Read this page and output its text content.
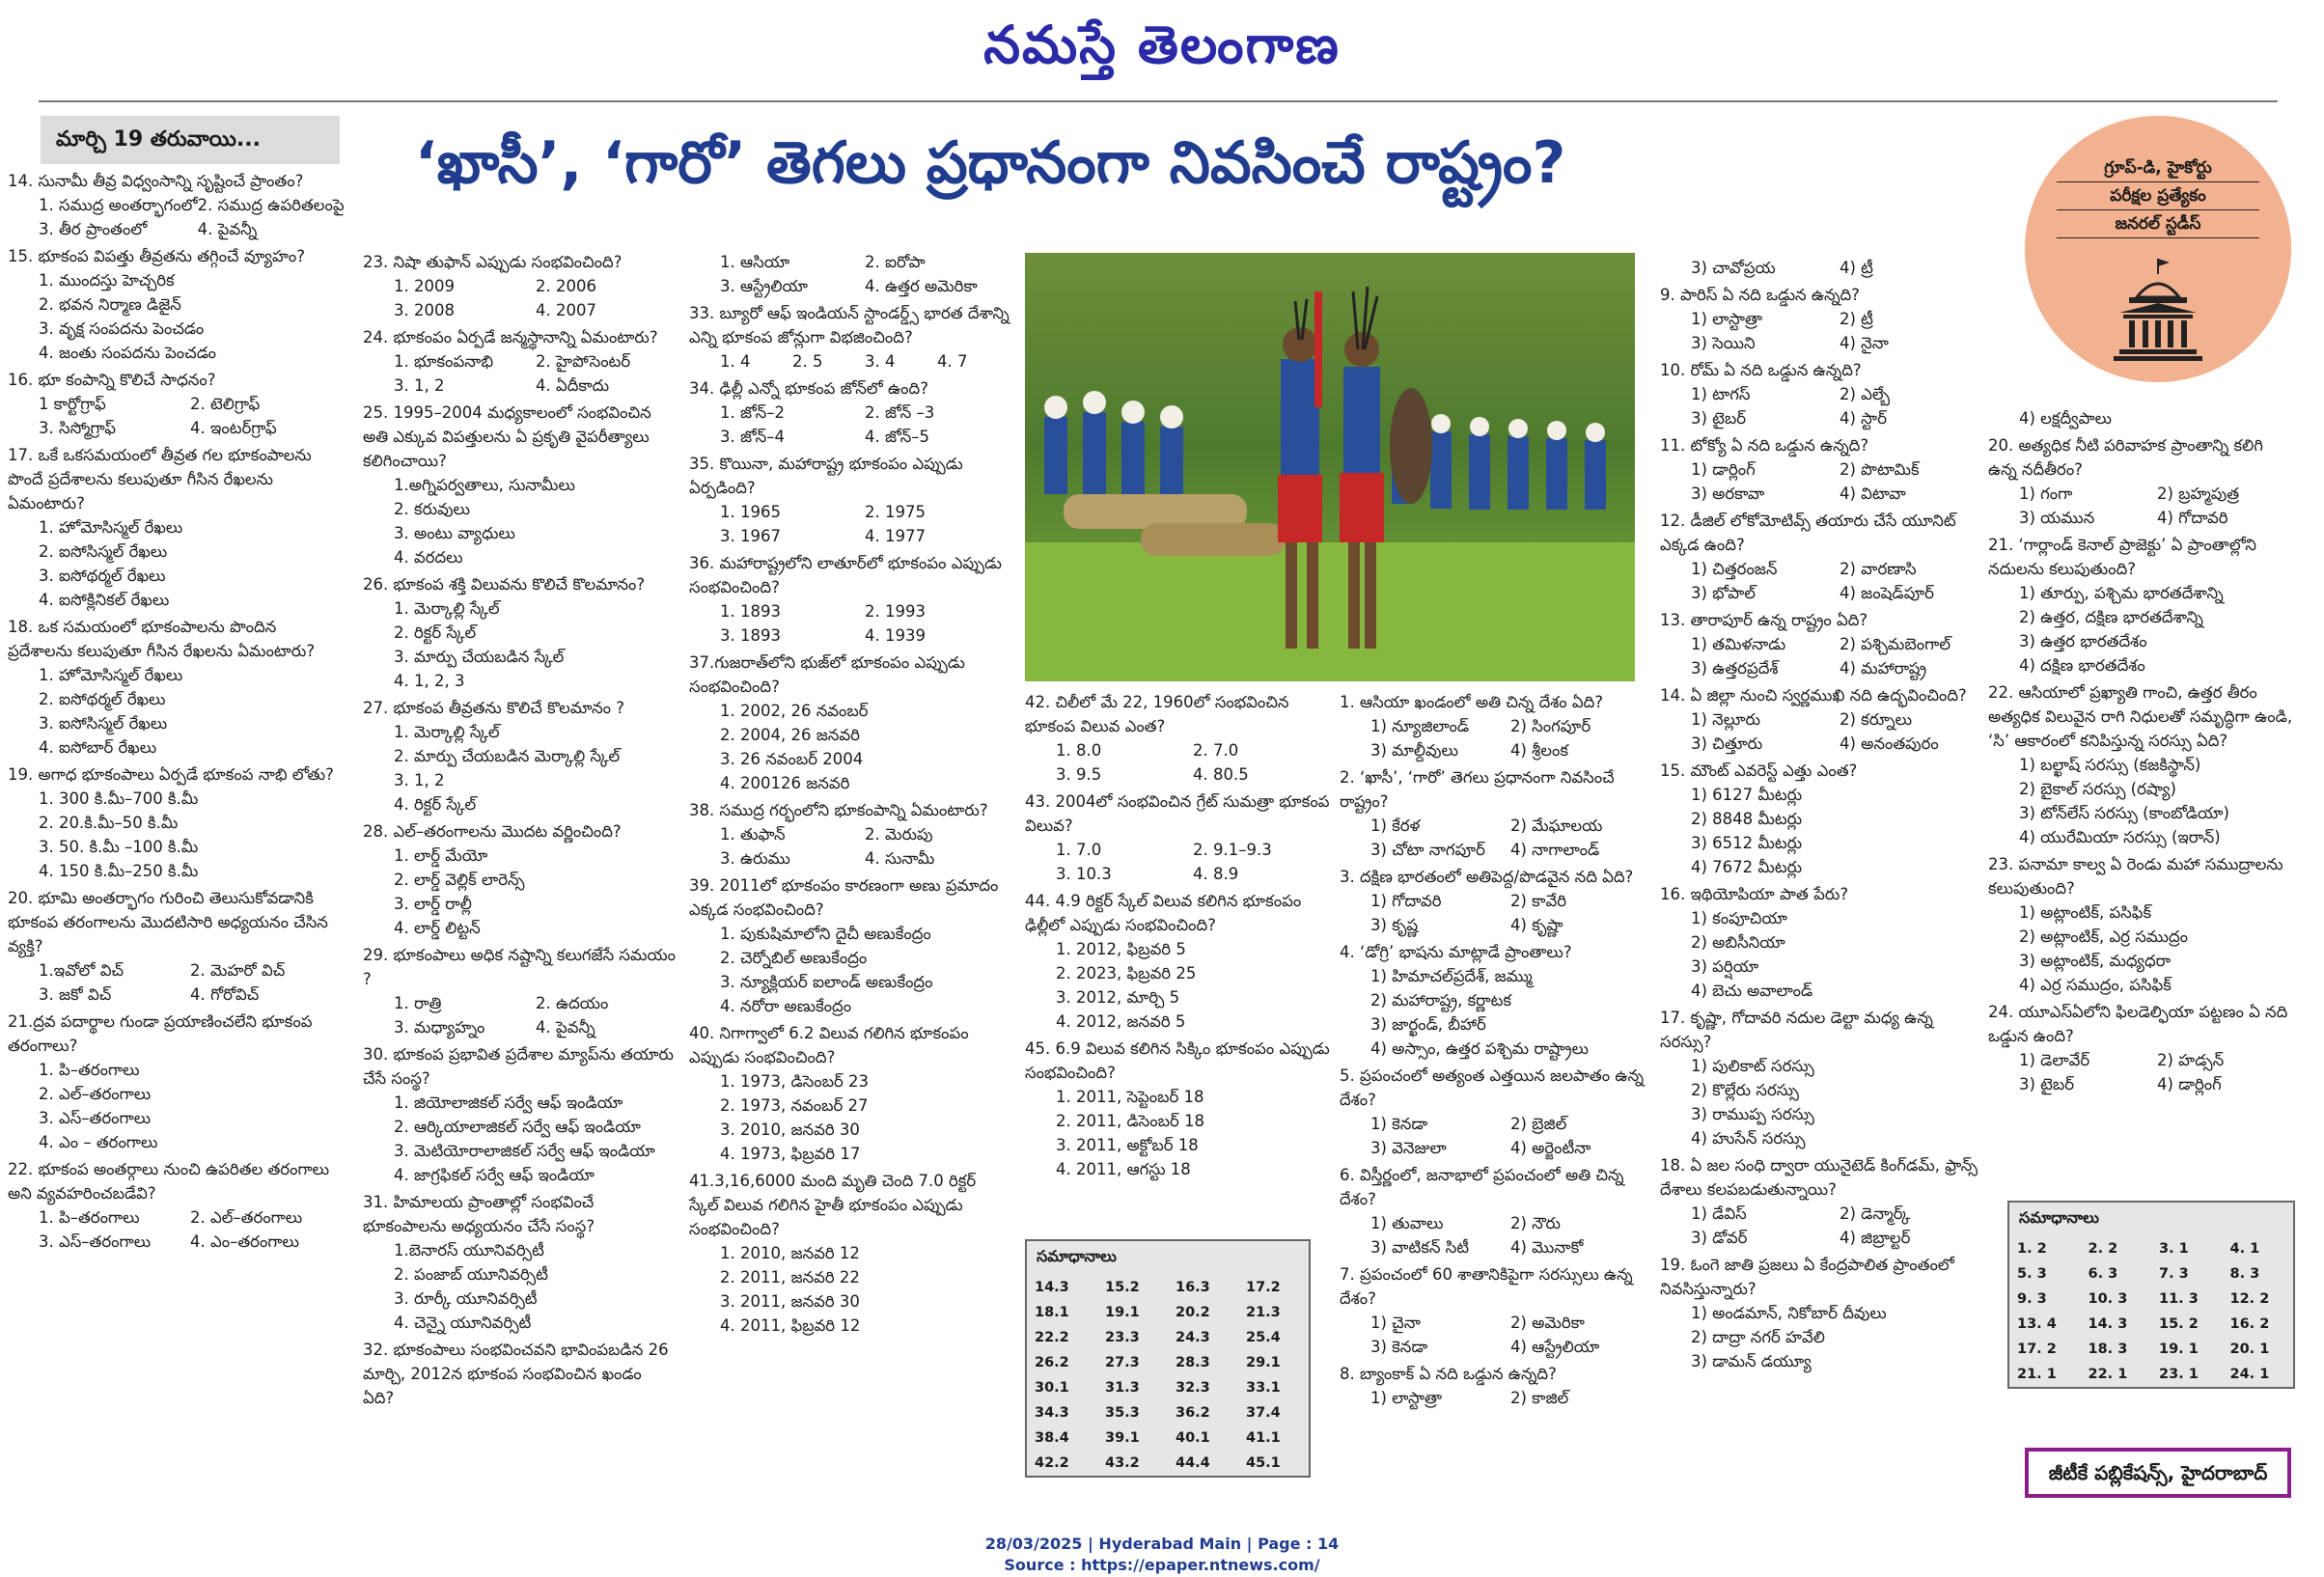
నమస్తే తెలంగాణ
మార్చి 19 తరువాయి...	‘ఖాసీ’, ‘గారో’ తెగలు ప్రధానంగా నివసించే రాష్ట్రం?	గ్రూప్-డి, హైకోర్టు
పరీక్షల ప్రత్యేకం
జనరల్ స్టడీస్
14. సునామీ తీవ్ర విధ్వంసాన్ని సృష్టించే ప్రాంతం?
1. సముద్ర అంతర్భాగంలో 2. సముద్ర ఉపరితలంపై
3. తీర ప్రాంతంలో	4. పైవన్నీ
15. భూకంప విపత్తు తీవ్రతను తగ్గించే వ్యూహం?
1. ముందస్తు హెచ్చరిక
2. భవన నిర్మాణ డిజైన్
3. వృక్ష సంపదను పెంచడం
4. జంతు సంపదను పెంచడం
16. భూ కంపాన్ని కొలిచే సాధనం?
1 కార్టోగ్రాఫ్	2. టెలిగ్రాఫ్
3. సిస్మోగ్రాఫ్	4. ఇంటర్‌గ్రాఫ్
17. ఒకే ఒకసమయంలో తీవ్రత గల భూకంపాలను పొందే ప్రదేశాలను కలుపుతూ గీసిన రేఖలను ఏమంటారు?
1. హోమోసిస్మల్ రేఖలు
2. ఐసోసిస్మల్ రేఖలు
3. ఐసోథర్మల్ రేఖలు
4. ఐసోక్లినికల్ రేఖలు
18. ఒక సమయంలో భూకంపాలను పొందిన ప్రదేశాలను కలుపుతూ గీసిన రేఖలను ఏమంటారు?
1. హోమోసిస్మల్ రేఖలు
2. ఐసోథర్మల్ రేఖలు
3. ఐసోసిస్మల్ రేఖలు
4. ఐసోబార్ రేఖలు
19. అగాధ భూకంపాలు ఏర్పడే భూకంప నాభి లోతు?
1. 300 కి.మీ–700 కి.మీ
2. 20.కి.మీ–50 కి.మీ
3. 50. కి.మీ –100 కి.మీ
4. 150 కి.మీ–250 కి.మీ
20. భూమి అంతర్భాగం గురించి తెలుసుకోవడానికి భూకంప తరంగాలను మొదటిసారి అధ్యయనం చేసిన వ్యక్తి?
1.ఇవోలో విచ్	2. మెహరో విచ్
3. జకో విచ్	4. గోరోవిచ్
21.ద్రవ పదార్థాల గుండా ప్రయాణించలేని భూకంప తరంగాలు?
1. పి–తరంగాలు
2. ఎల్–తరంగాలు
3. ఎస్–తరంగాలు
4. ఎం – తరంగాలు
22. భూకంప అంతర్గాలు నుంచి ఉపరితల తరంగాలు అని వ్యవహరించబడేవి?
1. పి–తరంగాలు	2. ఎల్–తరంగాలు
3. ఎస్–తరంగాలు	4. ఎం–తరంగాలు
23. నిషా తుఫాన్ ఎప్పుడు సంభవించింది?
1. 2009	2. 2006
3. 2008	4. 2007
24. భూకంపం ఏర్పడే జన్మస్థానాన్ని ఏమంటారు?
1. భూకంపనాభి	2. హైపోసెంటర్
3. 1, 2	4. ఏదీకాదు
25. 1995–2004 మధ్యకాలంలో సంభవించిన అతి ఎక్కువ విపత్తులను ఏ ప్రకృతి వైపరీత్యాలు కలిగించాయి?
1.అగ్నిపర్వతాలు, సునామీలు
2. కరువులు
3. అంటు వ్యాధులు
4. వరదలు
26. భూకంప శక్తి విలువను కొలిచే కొలమానం?
1. మెర్కాల్లి స్కేల్
2. రిక్టర్ స్కేల్
3. మార్పు చేయబడిన స్కేల్
4. 1, 2, 3
27. భూకంప తీవ్రతను కొలిచే కొలమానం ?
1. మెర్కాల్లి స్కేల్
2. మార్పు చేయబడిన మెర్కాల్లి స్కేల్
3. 1, 2
4. రిక్టర్ స్కేల్
28. ఎల్–తరంగాలను మొదట వర్ణించింది?
1. లార్డ్ మేయో
2. లార్డ్ వెల్లిక్ లారెన్స్
3. లార్డ్ రాల్లీ
4. లార్డ్ లిట్టన్
29. భూకంపాలు అధిక నష్టాన్ని కలుగజేసే సమయం ?
1. రాత్రి	2. ఉదయం
3. మధ్యాహ్నం	4. పైవన్నీ
30. భూకంప ప్రభావిత ప్రదేశాల మ్యాప్‌ను తయారు చేసే సంస్థ?
1. జియోలాజికల్ సర్వే ఆఫ్ ఇండియా
2. ఆర్కియాలాజికల్ సర్వే ఆఫ్ ఇండియా
3. మెటియోరాలాజికల్ సర్వే ఆఫ్ ఇండియా
4. జాగ్రఫికల్ సర్వే ఆఫ్ ఇండియా
31. హిమాలయ ప్రాంతాల్లో సంభవించే భూకంపాలను అధ్యయనం చేసే సంస్థ?
1.బెనారస్ యూనివర్సిటీ
2. పంజాబ్ యూనివర్సిటీ
3. రూర్కీ యూనివర్సిటీ
4. చెన్నై యూనివర్సిటీ
32. భూకంపాలు సంభవించవని భావింపబడిన 26 మార్చి, 2012న భూకంప సంభవించిన ఖండం ఏది?
1. ఆసియా	2. ఐరోపా
3. ఆస్ట్రేలియా	4. ఉత్తర అమెరికా
33. బ్యూరో ఆఫ్ ఇండియన్ స్టాండర్డ్స్ భారత దేశాన్ని ఎన్ని భూకంప జోన్లుగా విభజించింది?
1. 4	2. 5	3. 4	4. 7
34. ఢిల్లీ ఎన్నో భూకంప జోన్‌లో ఉంది?
1. జోన్–2	2. జోన్ –3
3. జోన్–4	4. జోన్–5
35. కొయినా, మహారాష్ట్ర భూకంపం ఎప్పుడు ఏర్పడింది?
1. 1965	2. 1975
3. 1967	4. 1977
36. మహారాష్ట్రలోని లాతూర్‌లో భూకంపం ఎప్పుడు సంభవించింది?
1. 1893	2. 1993
3. 1893	4. 1939
37.గుజరాత్‌లోని భుజ్‌లో భూకంపం ఎప్పుడు సంభవించింది?
1. 2002, 26 నవంబర్
2. 2004, 26 జనవరి
3. 26 నవంబర్ 2004
4. 200126 జనవరి
38. సముద్ర గర్భంలోని భూకంపాన్ని ఏమంటారు?
1. తుఫాన్	2. మెరుపు
3. ఉరుము	4. సునామీ
39. 2011లో భూకంపం కారణంగా అణు ప్రమాదం ఎక్కడ సంభవించింది?
1. పుకుషిమాలోని దైచీ అణుకేంద్రం
2. చెర్నోబిల్ అణుకేంద్రం
3. న్యూక్లియర్ ఐలాండ్ అణుకేంద్రం
4. నరోరా అణుకేంద్రం
40. నిగాగ్వాలో 6.2 విలువ గలిగిన భూకంపం ఎప్పుడు సంభవించింది?
1. 1973, డిసెంబర్ 23
2. 1973, నవంబర్ 27
3. 2010, జనవరి 30
4. 1973, ఫిబ్రవరి 17
41.3,16,6000 మంది మృతి చెంది 7.0 రిక్టర్ స్కేల్ విలువ గలిగిన హైతీ భూకంపం ఎప్పుడు సంభవించింది?
1. 2010, జనవరి 12
2. 2011, జనవరి 22
3. 2011, జనవరి 30
4. 2011, ఫిబ్రవరి 12
42. చిలీలో మే 22, 1960లో సంభవించిన భూకంప విలువ ఎంత?
1. 8.0	2. 7.0
3. 9.5	4. 80.5
43. 2004లో సంభవించిన గ్రేట్ సుమత్రా భూకంప విలువ?
1. 7.0	2. 9.1–9.3
3. 10.3	4. 8.9
44. 4.9 రిక్టర్ స్కేల్ విలువ కలిగిన భూకంపం ఢిల్లీలో ఎప్పుడు సంభవించింది?
1. 2012, ఫిబ్రవరి 5
2. 2023, ఫిబ్రవరి 25
3. 2012, మార్చి 5
4. 2012, జనవరి 5
45. 6.9 విలువ కలిగిన సిక్కిం భూకంపం ఎప్పుడు సంభవించింది?
1. 2011, సెప్టెంబర్ 18
2. 2011, డిసెంబర్ 18
3. 2011, అక్టోబర్ 18
4. 2011, ఆగస్టు 18
1. ఆసియా ఖండంలో అతి చిన్న దేశం ఏది?
1) న్యూజిలాండ్	2) సింగపూర్
3) మాల్దీవులు	4) శ్రీలంక
2. ‘ఖాసీ’, ‘గారో’ తెగలు ప్రధానంగా నివసించే రాష్ట్రం?
1) కేరళ	2) మేఘాలయ
3) చోటా నాగపూర్	4) నాగాలాండ్
3. దక్షిణ భారతంలో అతిపెద్ద/పొడవైన నది ఏది?
1) గోదావరి	2) కావేరి
3) కృష్ణ	4) కృష్ణా
4. ‘డోగ్రి’ భాషను మాట్లాడే ప్రాంతాలు?
1) హిమాచల్‌ప్రదేశ్, జమ్ము
2) మహారాష్ట్ర, కర్ణాటక
3) జార్ఖండ్, బీహార్
4) అస్సాం, ఉత్తర పశ్చిమ రాష్ట్రాలు
5. ప్రపంచంలో అత్యంత ఎత్తయిన జలపాతం ఉన్న దేశం?
1) కెనడా	2) బ్రెజిల్
3) వెనెజులా	4) అర్జెంటీనా
6. విస్తీర్ణంలో, జనాభాలో ప్రపంచంలో అతి చిన్న దేశం?
1) తువాలు	2) నౌరు
3) వాటికన్ సిటీ	4) మొనాకో
7. ప్రపంచంలో 60 శాతానికిపైగా సరస్సులు ఉన్న దేశం?
1) చైనా	2) అమెరికా
3) కెనడా	4) ఆస్ట్రేలియా
8. బ్యాంకాక్ ఏ నది ఒడ్డున ఉన్నది?
1) లాస్టాత్రా	2) కాజిల్
3) చావోప్రయ	4) ట్రీ
9. పారిస్ ఏ నది ఒడ్డున ఉన్నది?
1) లాస్టాత్రా	2) ట్రీ
3) సెయిని	4) నైనా
10. రోమ్ ఏ నది ఒడ్డున ఉన్నది?
1) టాగస్	2) ఎల్బే
3) టైబర్	4) స్టార్
11. టోక్యో ఏ నది ఒడ్డున ఉన్నది?
1) డార్లింగ్	2) పొటామిక్
3) అరకావా	4) విటావా
12. డీజిల్ లోకోమోటివ్స్ తయారు చేసే యూనిట్ ఎక్కడ ఉంది?
1) చిత్తరంజన్	2) వారణాసి
3) భోపాల్	4) జంషెడ్‌పూర్
13. తారాపూర్ ఉన్న రాష్ట్రం ఏది?
1) తమిళనాడు	2) పశ్చిమబెంగాల్
3) ఉత్తరప్రదేశ్	4) మహారాష్ట్ర
14. ఏ జిల్లా నుంచి స్వర్ణముఖి నది ఉద్భవించింది?
1) నెల్లూరు	2) కర్నూలు
3) చిత్తూరు	4) అనంతపురం
15. మౌంట్ ఎవరెస్ట్ ఎత్తు ఎంత?
1) 6127 మీటర్లు
2) 8848 మీటర్లు
3) 6512 మీటర్లు
4) 7672 మీటర్లు
16. ఇథియోపియా పాత పేరు?
1) కంపూచియా
2) అబిసీనియా
3) పర్షియా
4) బెచు అవాలాండ్
17. కృష్ణా, గోదావరి నదుల డెల్టా మధ్య ఉన్న సరస్సు?
1) పులికాట్ సరస్సు
2) కొల్లేరు సరస్సు
3) రాముప్ప సరస్సు
4) హుసేన్ సరస్సు
18. ఏ జల సంధి ద్వారా యునైటెడ్ కింగ్‌డమ్, ఫ్రాన్స్ దేశాలు కలపబడుతున్నాయి?
1) డేవిస్	2) డెన్మార్క్
3) డోవర్	4) జిబ్రాల్టర్
19. ఓంగె జాతి ప్రజలు ఏ కేంద్రపాలిత ప్రాంతంలో నివసిస్తున్నారు?
1) అండమాన్, నికోబార్ దీవులు
2) దాద్రా నగర్ హవేలి
3) డామన్ డయ్యూ
4) లక్షద్వీపాలు
20. అత్యధిక నీటి పరివాహక ప్రాంతాన్ని కలిగి ఉన్న నదీతీరం?
1) గంగా	2) బ్రహ్మపుత్ర
3) యమున	4) గోదావరి
21. ‘గార్లాండ్ కెనాల్ ప్రాజెక్టు’ ఏ ప్రాంతాల్లోని నదులను కలుపుతుంది?
1) తూర్పు, పశ్చిమ భారతదేశాన్ని
2) ఉత్తర, దక్షిణ భారతదేశాన్ని
3) ఉత్తర భారతదేశం
4) దక్షిణ భారతదేశం
22. ఆసియాలో ప్రఖ్యాతి గాంచి, ఉత్తర తీరం అత్యధిక విలువైన రాగి నిధులతో సమృద్ధిగా ఉండి, ‘సి’ ఆకారంలో కనిపిస్తున్న సరస్సు ఏది?
1) బల్ఖాష్ సరస్సు (కజకిస్థాన్)
2) బైకాల్ సరస్సు (రష్యా)
3) టోన్‌లేస్ సరస్సు (కాంబోడియా)
4) యురేమియా సరస్సు (ఇరాన్)
23. పనామా కాల్వ ఏ రెండు మహా సముద్రాలను కలుపుతుంది?
1) అట్లాంటిక్, పసిఫిక్
2) అట్లాంటిక్, ఎర్ర సముద్రం
3) అట్లాంటిక్, మధ్యధరా
4) ఎర్ర సముద్రం, పసిఫిక్
24. యూఎస్‌ఏలోని ఫిలడెల్ఫియా పట్టణం ఏ నది ఒడ్డున ఉంది?
1) డెలావేర్	2) హడ్సన్
3) టైబర్	4) డార్లింగ్
సమాధానాలు
14.3	15.2	16.3	17.2
18.1	19.1	20.2	21.3
22.2	23.3	24.3	25.4
26.2	27.3	28.3	29.1
30.1	31.3	32.3	33.1
34.3	35.3	36.2	37.4
38.4	39.1	40.1	41.1
42.2	43.2	44.4	45.1
సమాధానాలు
1. 2	2. 2	3. 1	4. 1
5. 3	6. 3	7. 3	8. 3
9. 3	10. 3	11. 3	12. 2
13. 4	14. 3	15. 2	16. 2
17. 2	18. 3	19. 1	20. 1
21. 1	22. 1	23. 1	24. 1
జీటీకే పబ్లికేషన్స్, హైదరాబాద్
28/03/2025 | Hyderabad Main | Page : 14
Source : https://epaper.ntnews.com/
